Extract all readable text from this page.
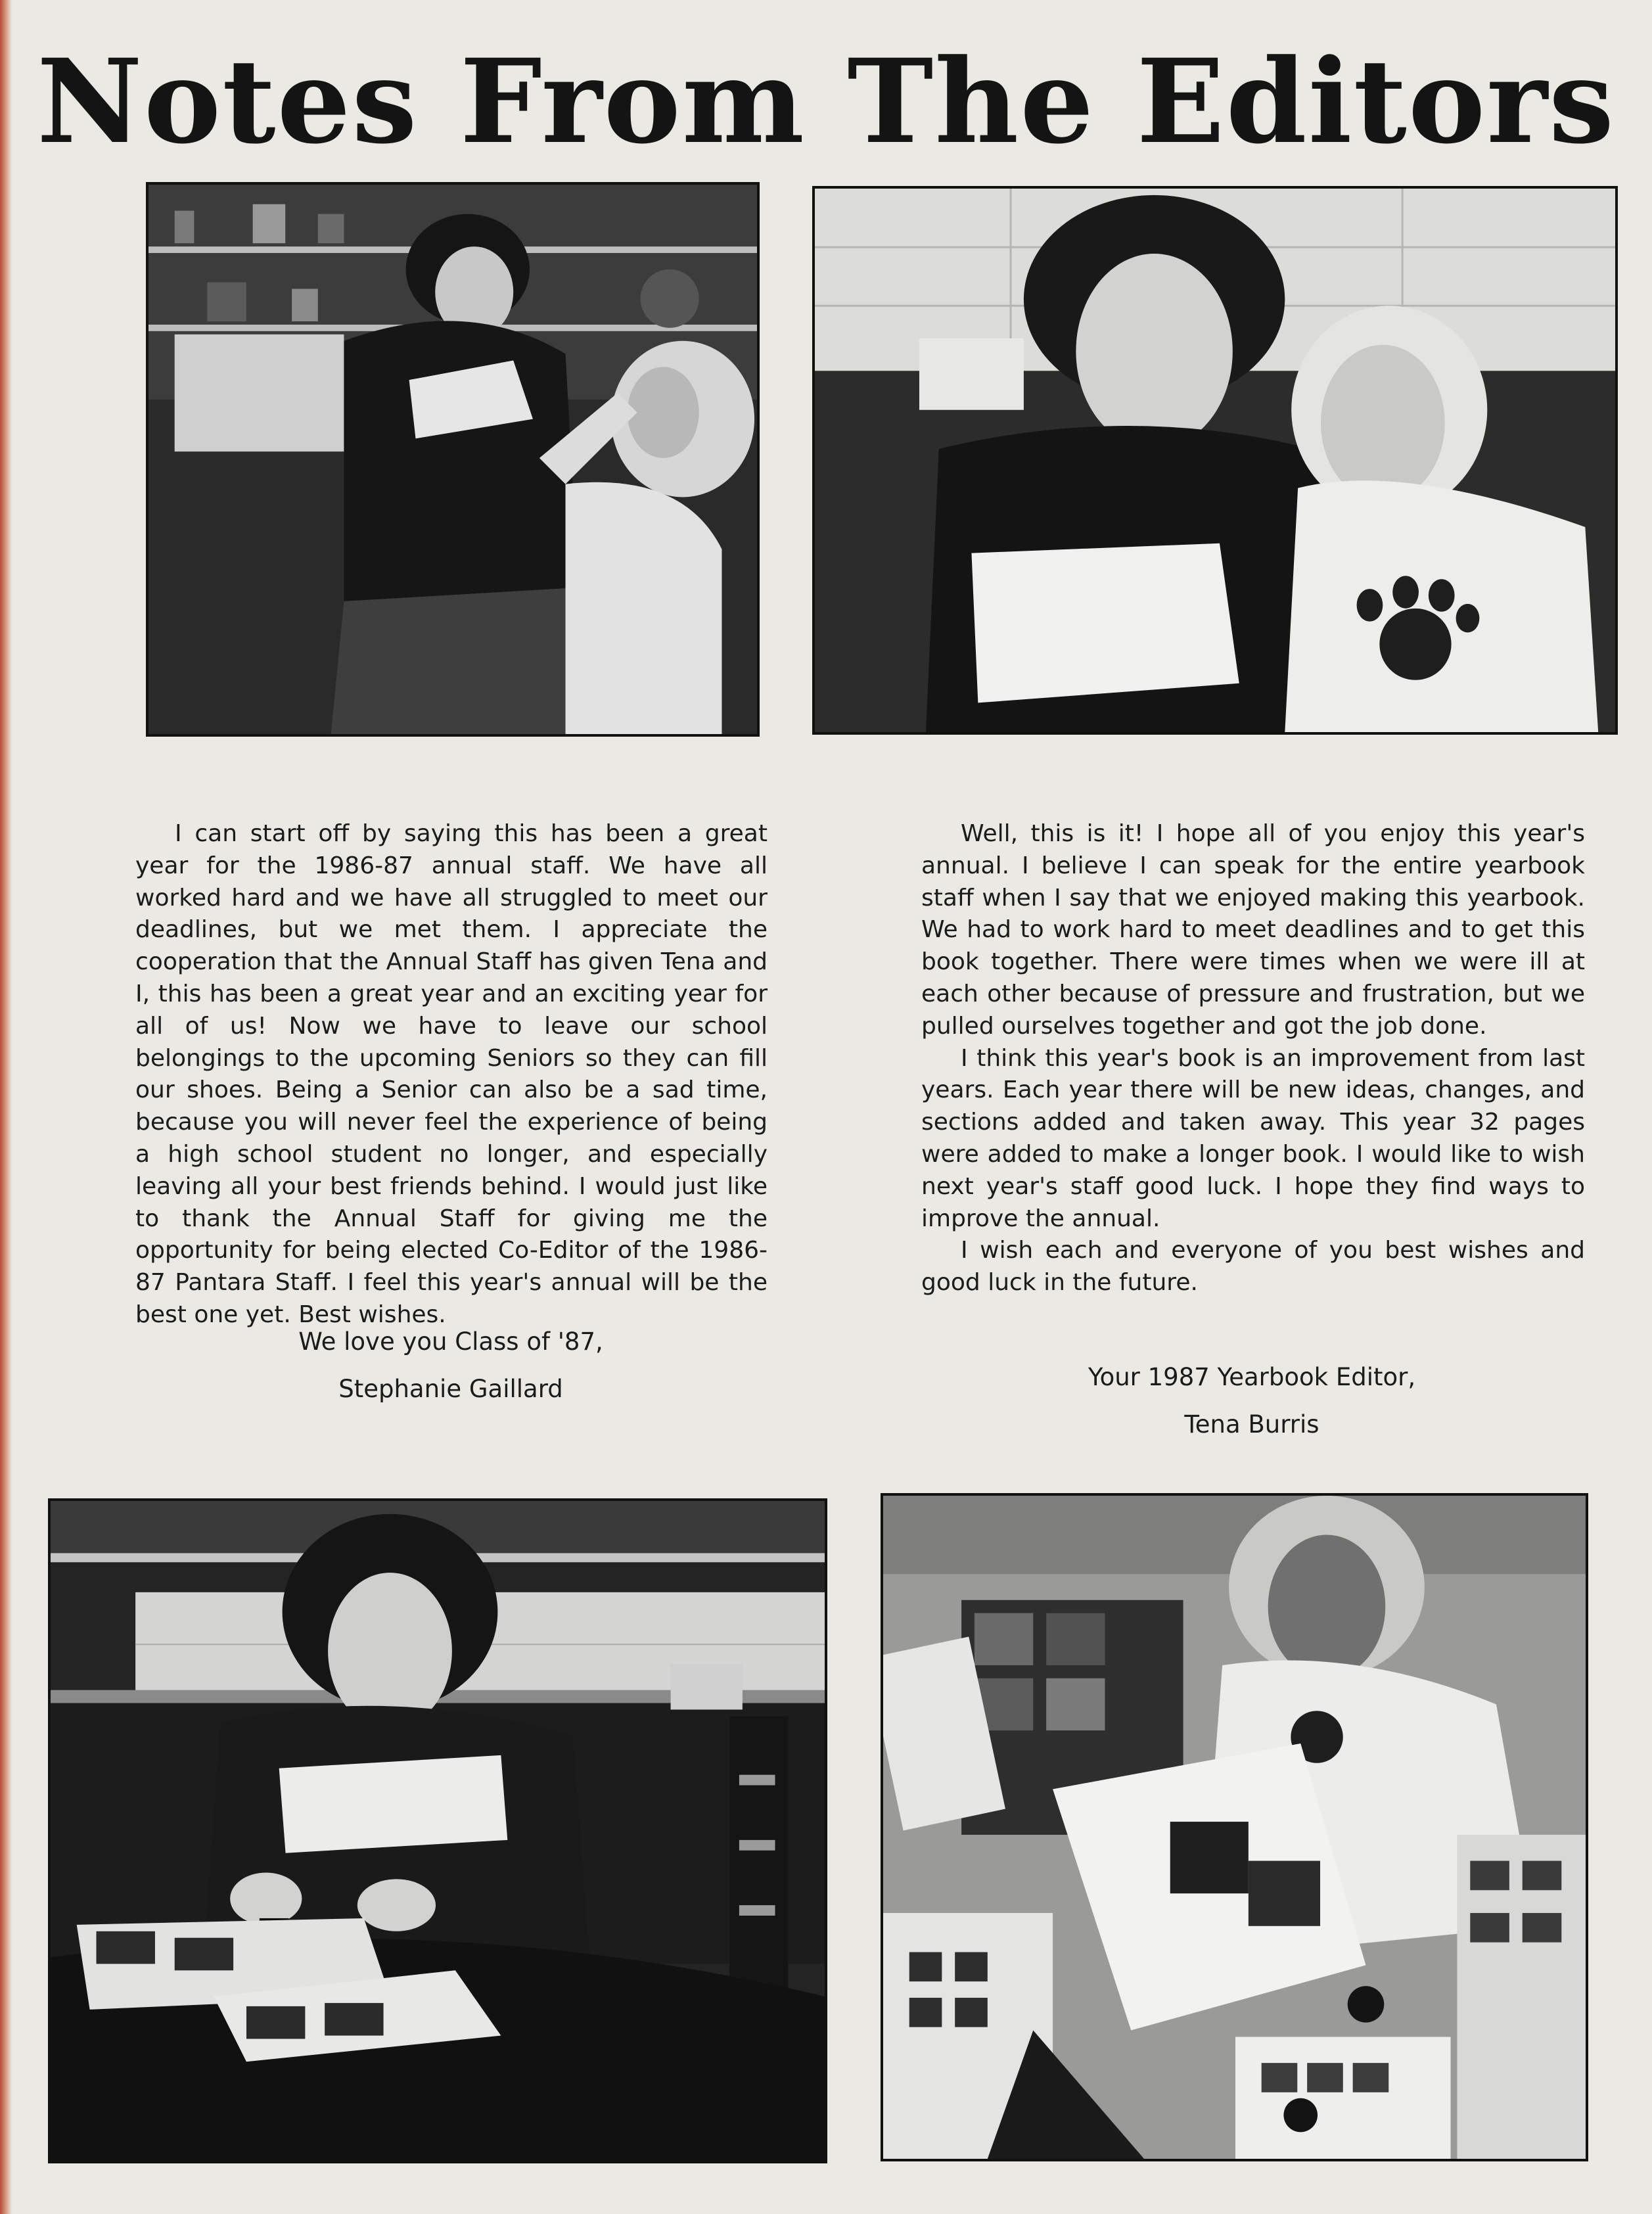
Notes From The Editors

I can start off by saying this has been a great year for the 1986-87 annual staff. We have all worked hard and we have all struggled to meet our deadlines, but we met them. I appreciate the cooperation that the Annual Staff has given Tena and I, this has been a great year and an exciting year for all of us! Now we have to leave our school belongings to the upcoming Seniors so they can fill our shoes. Being a Senior can also be a sad time, because you will never feel the experience of being a high school student no longer, and especially leaving all your best friends behind. I would just like to thank the Annual Staff for giving me the opportunity for being elected Co-Editor of the 1986-87 Pantara Staff. I feel this year's annual will be the best one yet. Best wishes.

We love you Class of '87,
Stephanie Gaillard

Well, this is it! I hope all of you enjoy this year's annual. I believe I can speak for the entire yearbook staff when I say that we enjoyed making this yearbook. We had to work hard to meet deadlines and to get this book together. There were times when we were ill at each other because of pressure and frustration, but we pulled ourselves together and got the job done.

I think this year's book is an improvement from last years. Each year there will be new ideas, changes, and sections added and taken away. This year 32 pages were added to make a longer book. I would like to wish next year's staff good luck. I hope they find ways to improve the annual.

I wish each and everyone of you best wishes and good luck in the future.

Your 1987 Yearbook Editor,
Tena Burris
